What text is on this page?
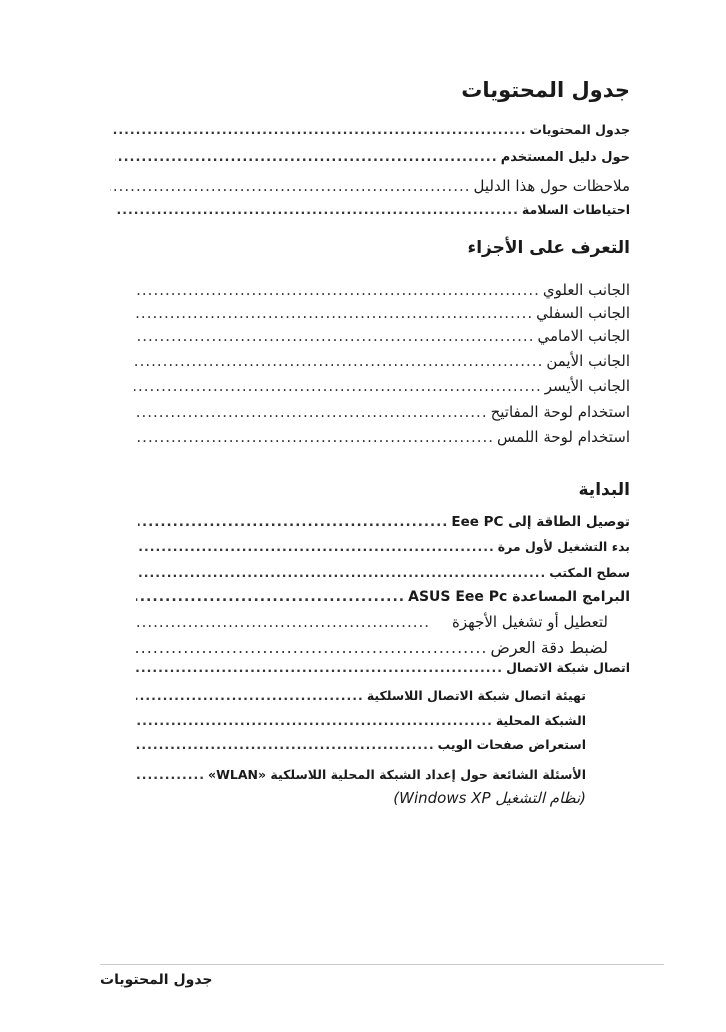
جدول المحتويات
جدول المحتويات
.....
حول دليل المستخدم
.....
ملاحظات حول هذا الدليل
.....
احتياطات السلامة
.....
التعرف على الأجزاء
الجانب العلوي
.....
الجانب السفلي
.....
الجانب الامامي
.....
الجانب الأيمن
.....
الجانب الأيسر
.....
استخدام لوحة المفاتيح
.....
استخدام لوحة اللمس
.....
البداية
توصيل الطاقة إلى Eee PC
.....
بدء التشغيل لأول مرة
.....
سطح المكتب
.....
البرامج المساعدة ASUS Eee Pc
.....
لتعطيل أو تشغيل الأجهزة
.....
لضبط دقة العرض
.....
اتصال شبكة الاتصال
.....
تهيئة اتصال شبكة الاتصال اللاسلكية
.....
الشبكة المحلية
.....
استعراض صفحات الويب
.....
الأسئلة الشائعة حول إعداد الشبكة المحلية اللاسلكية «WLAN»
.....
(نظام التشغيل Windows XP)
جدول المحتويات
